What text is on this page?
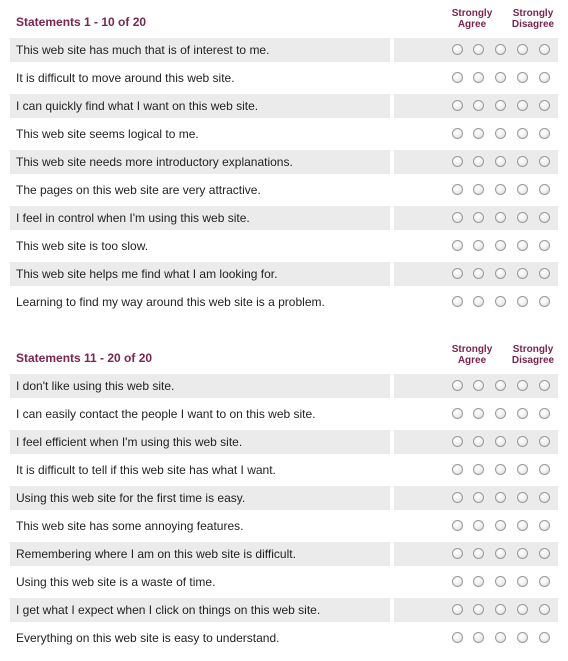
Statements 1 - 10 of 20
Strongly
Agree
Strongly
Disagree
This web site has much that is of interest to me.
It is difficult to move around this web site.
I can quickly find what I want on this web site.
This web site seems logical to me.
This web site needs more introductory explanations.
The pages on this web site are very attractive.
I feel in control when I'm using this web site.
This web site is too slow.
This web site helps me find what I am looking for.
Learning to find my way around this web site is a problem.
Statements 11 - 20 of 20
Strongly
Agree
Strongly
Disagree
I don't like using this web site.
I can easily contact the people I want to on this web site.
I feel efficient when I'm using this web site.
It is difficult to tell if this web site has what I want.
Using this web site for the first time is easy.
This web site has some annoying features.
Remembering where I am on this web site is difficult.
Using this web site is a waste of time.
I get what I expect when I click on things on this web site.
Everything on this web site is easy to understand.
